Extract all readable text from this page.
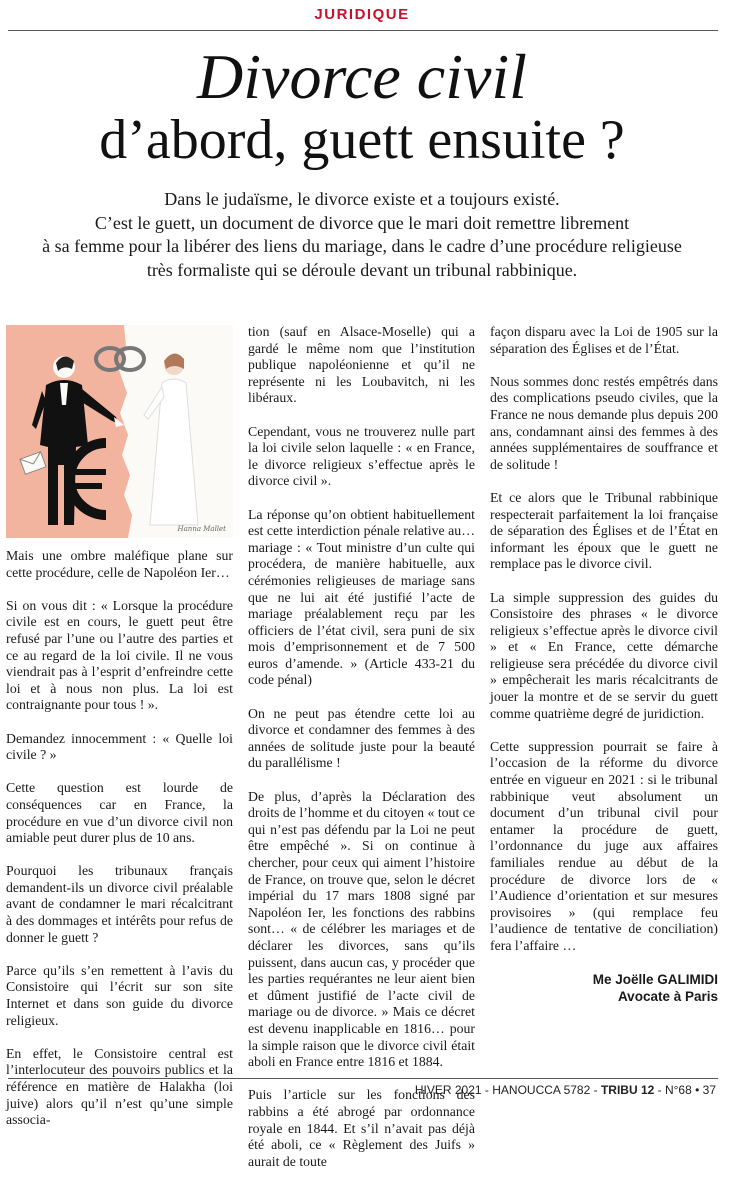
JURIDIQUE
Divorce civil
d’abord, guett ensuite ?
Dans le judaïsme, le divorce existe et a toujours existé.
C’est le guett, un document de divorce que le mari doit remettre librement
à sa femme pour la libérer des liens du mariage, dans le cadre d’une procédure religieuse
très formaliste qui se déroule devant un tribunal rabbinique.
Hanna Mallet

Mais une ombre maléfique plane sur cette procédure, celle de Napoléon Ier…

Si on vous dit : « Lorsque la procédure civile est en cours, le guett peut être refusé par l’une ou l’autre des parties et ce au regard de la loi civile. Il ne vous viendrait pas à l’esprit d’enfreindre cette loi et à nous non plus. La loi est contraignante pour tous ! ».

Demandez innocemment : « Quelle loi civile ? »

Cette question est lourde de conséquences car en France, la procédure en vue d’un divorce civil non amiable peut durer plus de 10 ans.

Pourquoi les tribunaux français demandent-ils un divorce civil préalable avant de condamner le mari récalcitrant à des dommages et intérêts pour refus de donner le guett ?

Parce qu’ils s’en remettent à l’avis du Consistoire qui l’écrit sur son site Internet et dans son guide du divorce religieux.

En effet, le Consistoire central est l’interlocuteur des pouvoirs publics et la référence en matière de Halakha (loi juive) alors qu’il n’est qu’une simple associa-

tion (sauf en Alsace-Moselle) qui a gardé le même nom que l’institution publique napoléonienne et qu’il ne représente ni les Loubavitch, ni les libéraux.

Cependant, vous ne trouverez nulle part la loi civile selon laquelle : « en France, le divorce religieux s’effectue après le divorce civil ».

La réponse qu’on obtient habituellement est cette interdiction pénale relative au… mariage : « Tout ministre d’un culte qui procédera, de manière habituelle, aux cérémonies religieuses de mariage sans que ne lui ait été justifié l’acte de mariage préalablement reçu par les officiers de l’état civil, sera puni de six mois d’emprisonnement et de 7 500 euros d’amende. » (Article 433-21 du code pénal)

On ne peut pas étendre cette loi au divorce et condamner des femmes à des années de solitude juste pour la beauté du parallélisme !

De plus, d’après la Déclaration des droits de l’homme et du citoyen « tout ce qui n’est pas défendu par la Loi ne peut être empêché ». Si on continue à chercher, pour ceux qui aiment l’histoire de France, on trouve que, selon le décret impérial du 17 mars 1808 signé par Napoléon Ier, les fonctions des rabbins sont… « de célébrer les mariages et de déclarer les divorces, sans qu’ils puissent, dans aucun cas, y procéder que les parties requérantes ne leur aient bien et dûment justifié de l’acte civil de mariage ou de divorce. » Mais ce décret est devenu inapplicable en 1816… pour la simple raison que le divorce civil était aboli en France entre 1816 et 1884.

Puis l’article sur les fonctions des rabbins a été abrogé par ordonnance royale en 1844. Et s’il n’avait pas déjà été aboli, ce « Règlement des Juifs » aurait de toute

façon disparu avec la Loi de 1905 sur la séparation des Églises et de l’État.

Nous sommes donc restés empêtrés dans des complications pseudo civiles, que la France ne nous demande plus depuis 200 ans, condamnant ainsi des femmes à des années supplémentaires de souffrance et de solitude !

Et ce alors que le Tribunal rabbinique respecterait parfaitement la loi française de séparation des Églises et de l’État en informant les époux que le guett ne remplace pas le divorce civil.

La simple suppression des guides du Consistoire des phrases « le divorce religieux s’effectue après le divorce civil » et « En France, cette démarche religieuse sera précédée du divorce civil » empêcherait les maris récalcitrants de jouer la montre et de se servir du guett comme quatrième degré de juridiction.

Cette suppression pourrait se faire à l’occasion de la réforme du divorce entrée en vigueur en 2021 : si le tribunal rabbinique veut absolument un document d’un tribunal civil pour entamer la procédure de guett, l’ordonnance du juge aux affaires familiales rendue au début de la procédure de divorce lors de « l’Audience d’orientation et sur mesures provisoires » (qui remplace feu l’audience de tentative de conciliation) fera l’affaire …

Me Joëlle GALIMIDI
Avocate à Paris
HIVER 2021 - HANOUCCA 5782 - TRIBU 12 - N°68 • 37
